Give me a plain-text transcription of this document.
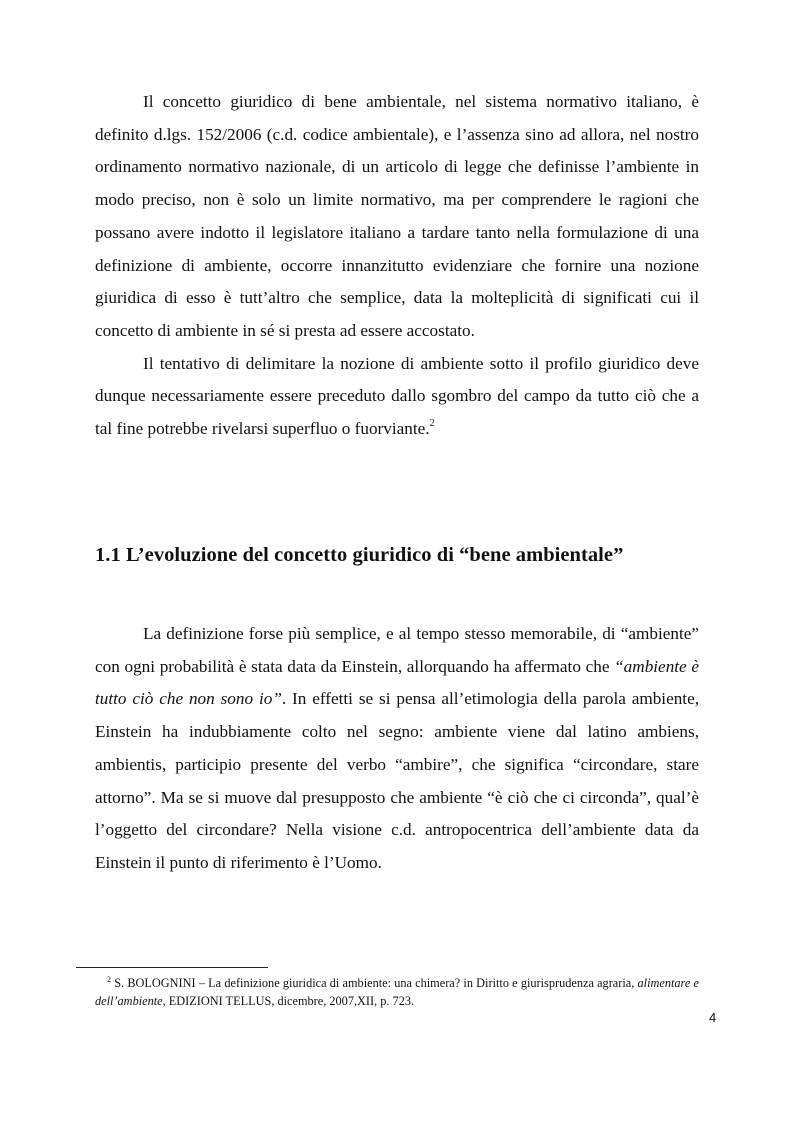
Il concetto giuridico di bene ambientale, nel sistema normativo italiano, è definito d.lgs. 152/2006 (c.d. codice ambientale), e l’assenza sino ad allora, nel nostro ordinamento normativo nazionale, di un articolo di legge che definisse l’ambiente in modo preciso, non è solo un limite normativo, ma per comprendere le ragioni che possano avere indotto il legislatore italiano a tardare tanto nella formulazione di una definizione di ambiente, occorre innanzitutto evidenziare che fornire una nozione giuridica di esso è tutt’altro che semplice, data la molteplicità di significati cui il concetto di ambiente in sé si presta ad essere accostato.

Il tentativo di delimitare la nozione di ambiente sotto il profilo giuridico deve dunque necessariamente essere preceduto dallo sgombro del campo da tutto ciò che a tal fine potrebbe rivelarsi superfluo o fuorviante.$^2$

1.1 L’evoluzione del concetto giuridico di “bene ambientale”

La definizione forse più semplice, e al tempo stesso memorabile, di “ambiente” con ogni probabilità è stata data da Einstein, allorquando ha affermato che “ambiente è tutto ciò che non sono io”. In effetti se si pensa all’etimologia della parola ambiente, Einstein ha indubbiamente colto nel segno: ambiente viene dal latino ambiens, ambientis, participio presente del verbo “ambire”, che significa “circondare, stare attorno”. Ma se si muove dal presupposto che ambiente “è ciò che ci circonda”, qual’è l’oggetto del circondare? Nella visione c.d. antropocentrica dell’ambiente data da Einstein il punto di riferimento è l’Uomo.

$^2$ S. BOLOGNINI – La definizione giuridica di ambiente: una chimera? in Diritto e giurisprudenza agraria, alimentare e dell’ambiente, EDIZIONI TELLUS, dicembre, 2007,XII, p. 723.

4
